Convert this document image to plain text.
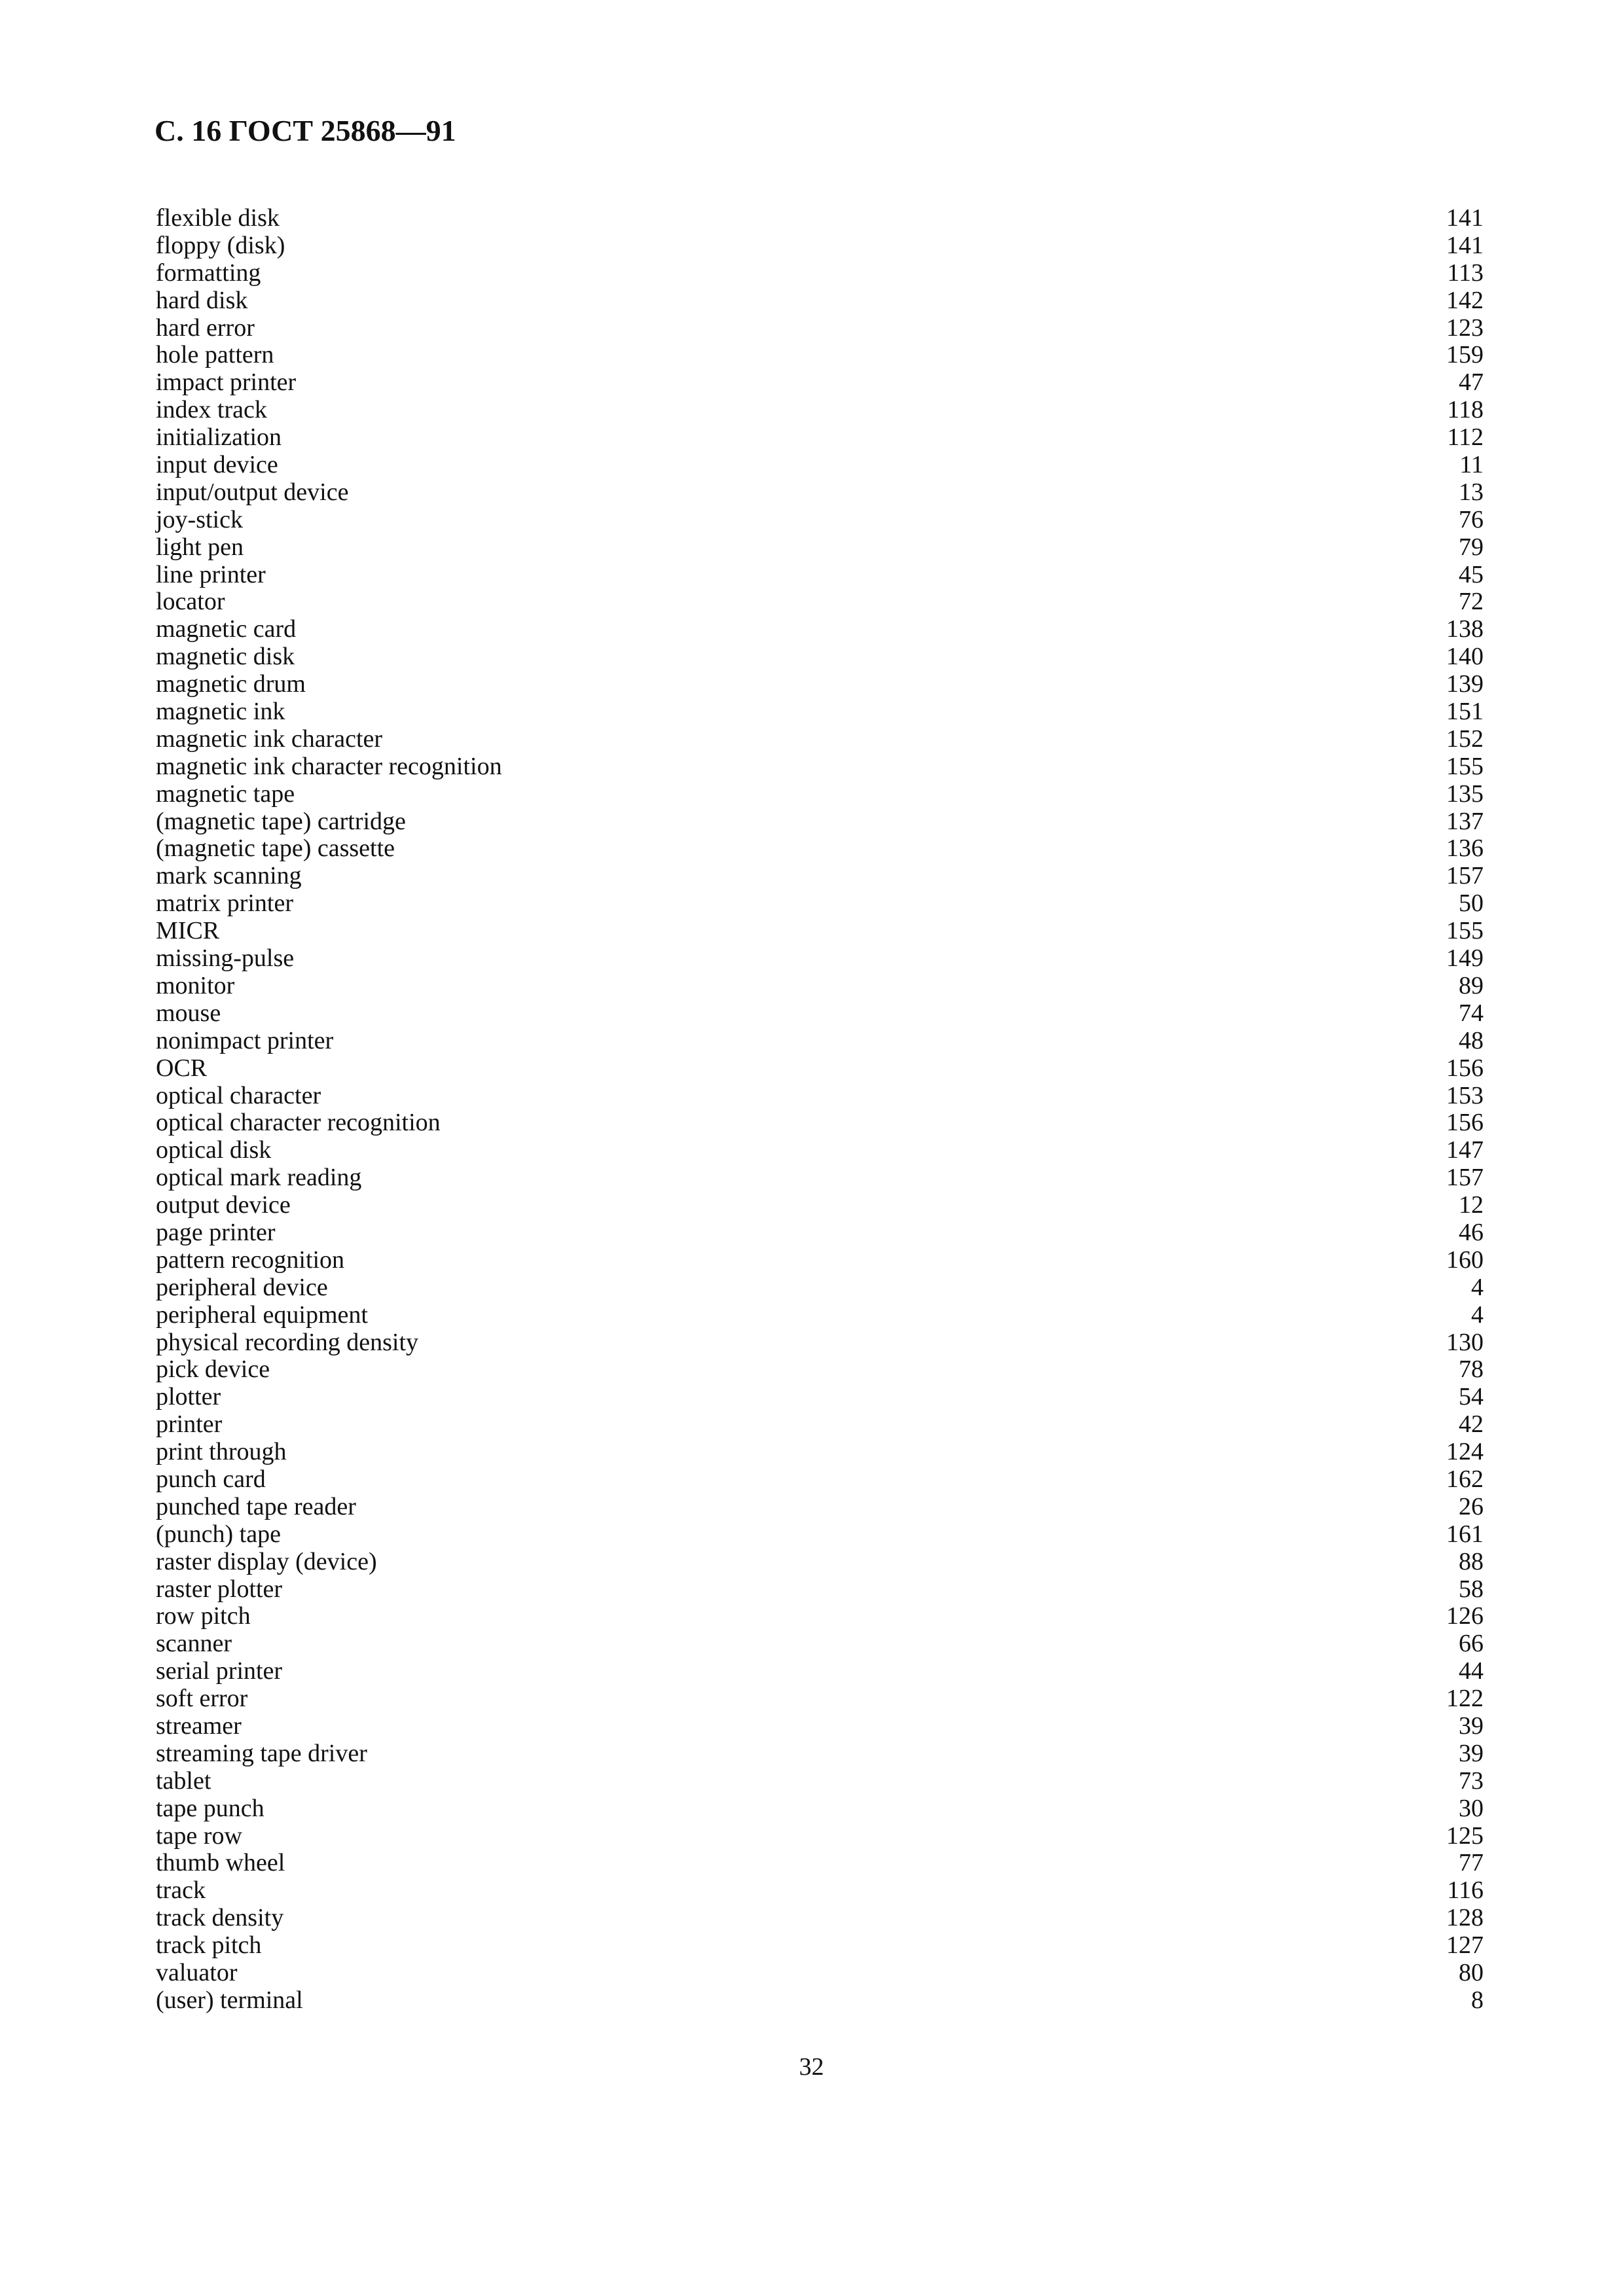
С. 16 ГОСТ 25868—91
flexible disk	141
floppy (disk)	141
formatting	113
hard disk	142
hard error	123
hole pattern	159
impact printer	47
index track	118
initialization	112
input device	11
input/output device	13
joy-stick	76
light pen	79
line printer	45
locator	72
magnetic card	138
magnetic disk	140
magnetic drum	139
magnetic ink	151
magnetic ink character	152
magnetic ink character recognition	155
magnetic tape	135
(magnetic tape) cartridge	137
(magnetic tape) cassette	136
mark scanning	157
matrix printer	50
MICR	155
missing-pulse	149
monitor	89
mouse	74
nonimpact printer	48
OCR	156
optical character	153
optical character recognition	156
optical disk	147
optical mark reading	157
output device	12
page printer	46
pattern recognition	160
peripheral device	4
peripheral equipment	4
physical recording density	130
pick device	78
plotter	54
printer	42
print through	124
punch card	162
punched tape reader	26
(punch) tape	161
raster display (device)	88
raster plotter	58
row pitch	126
scanner	66
serial printer	44
soft error	122
streamer	39
streaming tape driver	39
tablet	73
tape punch	30
tape row	125
thumb wheel	77
track	116
track density	128
track pitch	127
valuator	80
(user) terminal	8
32
